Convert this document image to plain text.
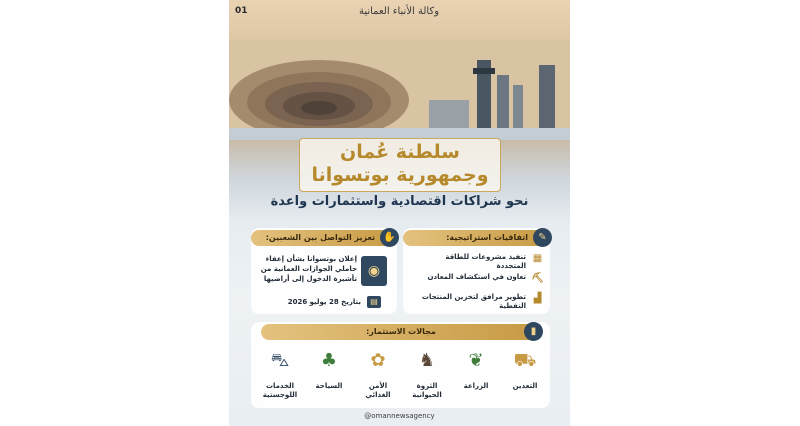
01	وكالة الأنباء العمانية
سلطنة عُمان
وجمهورية بوتسوانا
نحو شراكات اقتصادية واستثمارات واعدة
اتفاقيات استراتيجية:	✎
▦
تنفيذ مشروعات للطاقة المتجددة
⛏
تعاون في استكشاف المعادن
▟
تطوير مرافق لتخزين المنتجات النفطية
تعزيز التواصل بين الشعبين: ✋
◉
إعلان بوتسوانا بشأن إعفاء حاملي الجوازات العمانية من تأشيرة الدخول إلى أراضيها
▤
بتاريخ 28 يوليو 2026
مجالات الاستثمار:	▮
⛟
التعدين
❦
الزراعة
♞
الثروة الحيوانية
✿
الأمن الغذائي
♣
السياحة
⛍
الخدمات اللوجستية
@omannewsagency
